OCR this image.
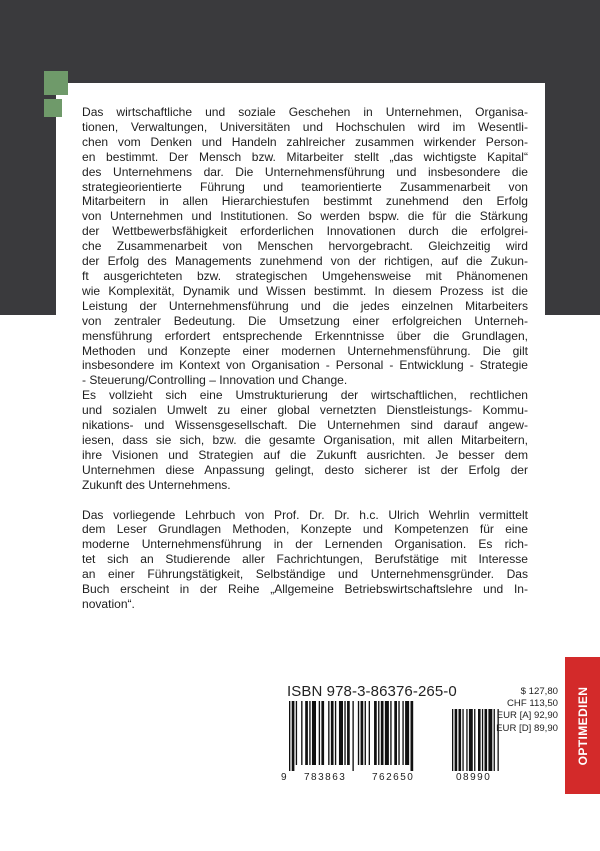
Das wirtschaftliche und soziale Geschehen in Unternehmen, Organisa-
tionen, Verwaltungen, Universitäten und Hochschulen wird im Wesentli-
chen vom Denken und Handeln zahlreicher zusammen wirkender Person-
en bestimmt. Der Mensch bzw. Mitarbeiter stellt „das wichtigste Kapital“
des Unternehmens dar. Die Unternehmensführung und insbesondere die
strategieorientierte Führung und teamorientierte Zusammenarbeit von
Mitarbeitern in allen Hierarchiestufen bestimmt zunehmend den Erfolg
von Unternehmen und Institutionen. So werden bspw. die für die Stärkung
der Wettbewerbsfähigkeit erforderlichen Innovationen durch die erfolgrei-
che Zusammenarbeit von Menschen hervorgebracht. Gleichzeitig wird
der Erfolg des Managements zunehmend von der richtigen, auf die Zukun-
ft ausgerichteten bzw. strategischen Umgehensweise mit Phänomenen
wie Komplexität, Dynamik und Wissen bestimmt. In diesem Prozess ist die
Leistung der Unternehmensführung und die jedes einzelnen Mitarbeiters
von zentraler Bedeutung. Die Umsetzung einer erfolgreichen Unterneh-
mensführung erfordert entsprechende Erkenntnisse über die Grundlagen,
Methoden und Konzepte einer modernen Unternehmensführung. Die gilt
insbesondere im Kontext von Organisation - Personal - Entwicklung - Strategie
- Steuerung/Controlling – Innovation und Change.

Es vollzieht sich eine Umstrukturierung der wirtschaftlichen, rechtlichen
und sozialen Umwelt zu einer global vernetzten Dienstleistungs- Kommu-
nikations- und Wissensgesellschaft. Die Unternehmen sind darauf angew-
iesen, dass sie sich, bzw. die gesamte Organisation, mit allen Mitarbeitern,
ihre Visionen und Strategien auf die Zukunft ausrichten. Je besser dem
Unternehmen diese Anpassung gelingt, desto sicherer ist der Erfolg der
Zukunft des Unternehmens.

Das vorliegende Lehrbuch von Prof. Dr. Dr. h.c. Ulrich Wehrlin vermittelt
dem Leser Grundlagen Methoden, Konzepte und Kompetenzen für eine
moderne Unternehmensführung in der Lernenden Organisation. Es rich-
tet sich an Studierende aller Fachrichtungen, Berufstätige mit Interesse
an einer Führungstätigkeit, Selbständige und Unternehmensgründer. Das
Buch erscheint in der Reihe „Allgemeine Betriebswirtschaftslehre und In-
novation“.

ISBN 978-3-86376-265-0
9 783863	762650	08990
$ 127,80
CHF 113,50
EUR [A] 92,90
EUR [D] 89,90 OPTIMEDIEN
